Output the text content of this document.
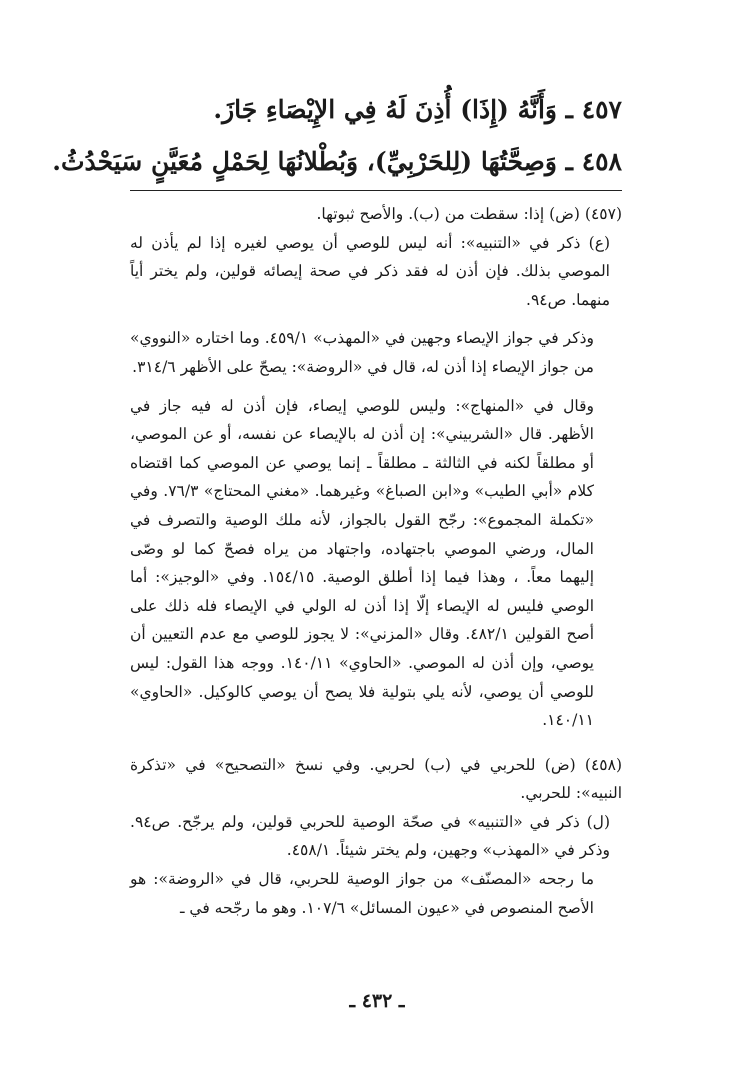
٤٥٧ ـ وَأَنَّهُ (إِذَا) أُذِنَ لَهُ فِي الإِيْصَاءِ جَازَ.
٤٥٨ ـ وَصِحَّتُهَا (لِلحَرْبِيِّ)، وَبُطْلانُهَا لِحَمْلٍ مُعَيَّنٍ سَيَحْدُثُ.

(٤٥٧) (ض) إذا: سقطت من (ب). والأصح ثبوتها.

(ع) ذكر في «التنبيه»: أنه ليس للوصي أن يوصي لغيره إذا لم يأذن له الموصي بذلك. فإن أذن له فقد ذكر في صحة إيصائه قولين، ولم يختر أياً منهما. ص٩٤.

وذكر في جواز الإيصاء وجهين في «المهذب» ٤٥٩/١. وما اختاره «النووي» من جواز الإيصاء إذا أذن له، قال في «الروضة»: يصحّ على الأظهر ٣١٤/٦.

وقال في «المنهاج»: وليس للوصي إيصاء، فإن أذن له فيه جاز في الأظهر. قال «الشربيني»: إن أذن له بالإيصاء عن نفسه، أو عن الموصي، أو مطلقاً لكنه في الثالثة ـ مطلقاً ـ إنما يوصي عن الموصي كما اقتضاه كلام «أبي الطيب» و«ابن الصباغ» وغيرهما. «مغني المحتاج» ٧٦/٣. وفي «تكملة المجموع»: رجّح القول بالجواز، لأنه ملك الوصية والتصرف في المال، ورضي الموصي باجتهاده، واجتهاد من يراه فصحّ كما لو وصّى إليهما معاً. ، وهذا فيما إذا أطلق الوصية. ١٥٤/١٥. وفي «الوجيز»: أما الوصي فليس له الإيصاء إلّا إذا أذن له الولي في الإيصاء فله ذلك على أصح القولين ٤٨٢/١. وقال «المزني»: لا يجوز للوصي مع عدم التعيين أن يوصي، وإن أذن له الموصي. «الحاوي» ١٤٠/١١. ووجه هذا القول: ليس للوصي أن يوصي، لأنه يلي بتولية فلا يصح أن يوصي كالوكيل. «الحاوي» ١٤٠/١١.

(٤٥٨) (ض) للحربي في (ب) لحربي. وفي نسخ «التصحيح» في «تذكرة النبيه»: للحربي.

(ل) ذكر في «التنبيه» في صحّة الوصية للحربي قولين، ولم يرجّح. ص٩٤. وذكر في «المهذب» وجهين، ولم يختر شيئاً. ٤٥٨/١.

ما رجحه «المصنّف» من جواز الوصية للحربي، قال في «الروضة»: هو الأصح المنصوص في «عيون المسائل» ١٠٧/٦. وهو ما رجّحه في ـ

ـ ٤٣٢ ـ
